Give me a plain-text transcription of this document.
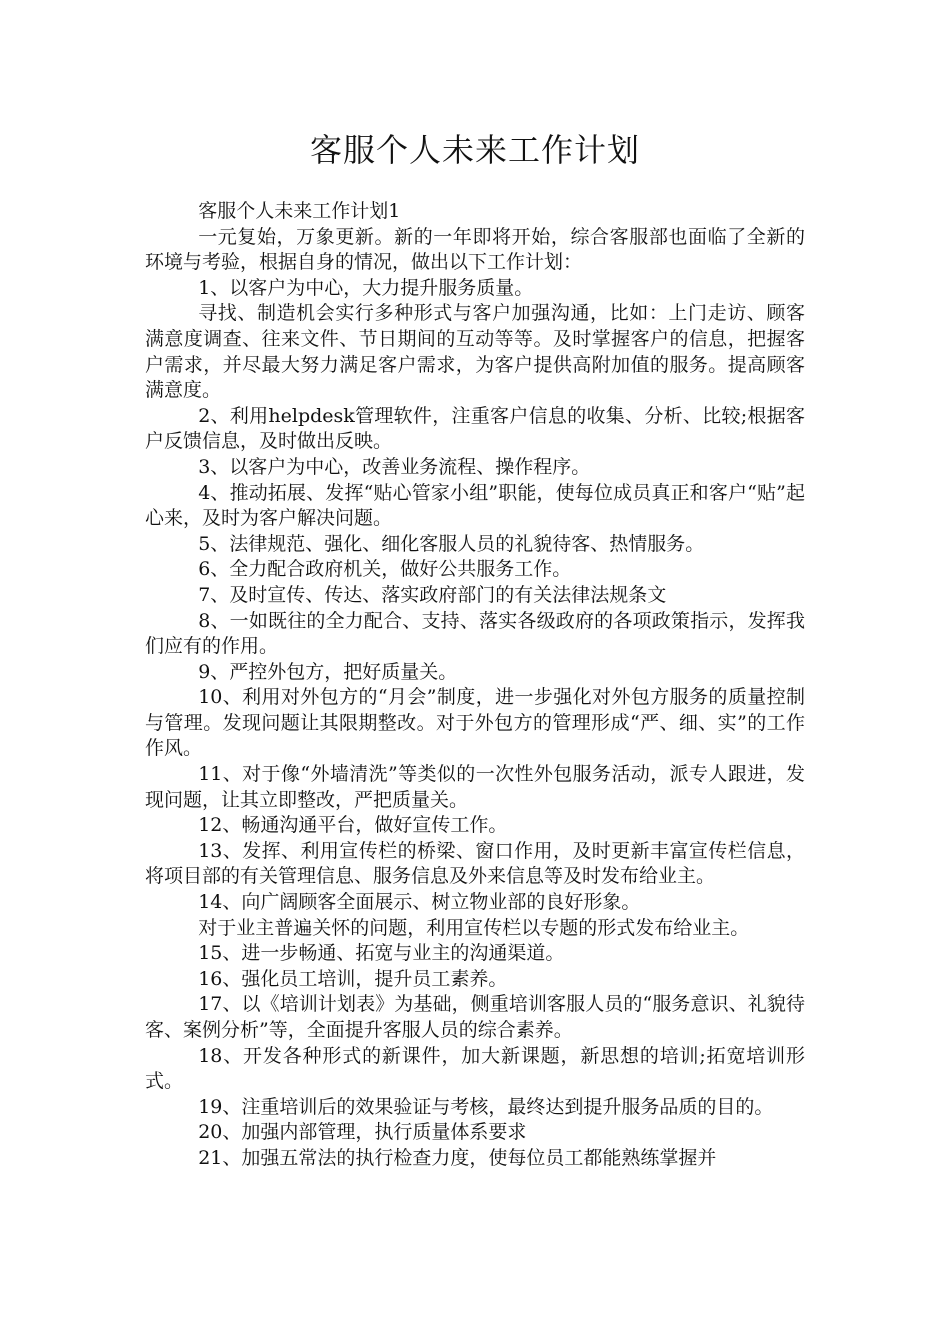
客服个人未来工作计划

客服个人未来工作计划1

一元复始，万象更新。新的一年即将开始，综合客服部也面临了全新的环境与考验，根据自身的情况，做出以下工作计划：

1、以客户为中心，大力提升服务质量。

寻找、制造机会实行多种形式与客户加强沟通，比如：上门走访、顾客满意度调查、往来文件、节日期间的互动等等。及时掌握客户的信息，把握客户需求，并尽最大努力满足客户需求，为客户提供高附加值的服务。提高顾客满意度。

2、利用helpdesk管理软件，注重客户信息的收集、分析、比较;根据客户反馈信息，及时做出反映。

3、以客户为中心，改善业务流程、操作程序。

4、推动拓展、发挥“贴心管家小组”职能，使每位成员真正和客户“贴”起心来，及时为客户解决问题。

5、法律规范、强化、细化客服人员的礼貌待客、热情服务。

6、全力配合政府机关，做好公共服务工作。

7、及时宣传、传达、落实政府部门的有关法律法规条文

8、一如既往的全力配合、支持、落实各级政府的各项政策指示，发挥我们应有的作用。

9、严控外包方，把好质量关。

10、利用对外包方的“月会”制度，进一步强化对外包方服务的质量控制与管理。发现问题让其限期整改。对于外包方的管理形成“严、细、实”的工作作风。

11、对于像“外墙清洗”等类似的一次性外包服务活动，派专人跟进，发现问题，让其立即整改，严把质量关。

12、畅通沟通平台，做好宣传工作。

13、发挥、利用宣传栏的桥梁、窗口作用，及时更新丰富宣传栏信息，将项目部的有关管理信息、服务信息及外来信息等及时发布给业主。

14、向广阔顾客全面展示、树立物业部的良好形象。

对于业主普遍关怀的问题，利用宣传栏以专题的形式发布给业主。

15、进一步畅通、拓宽与业主的沟通渠道。

16、强化员工培训，提升员工素养。

17、以《培训计划表》为基础，侧重培训客服人员的“服务意识、礼貌待客、案例分析”等，全面提升客服人员的综合素养。

18、开发各种形式的新课件，加大新课题，新思想的培训;拓宽培训形式。

19、注重培训后的效果验证与考核，最终达到提升服务品质的目的。

20、加强内部管理，执行质量体系要求

21、加强五常法的执行检查力度，使每位员工都能熟练掌握并
